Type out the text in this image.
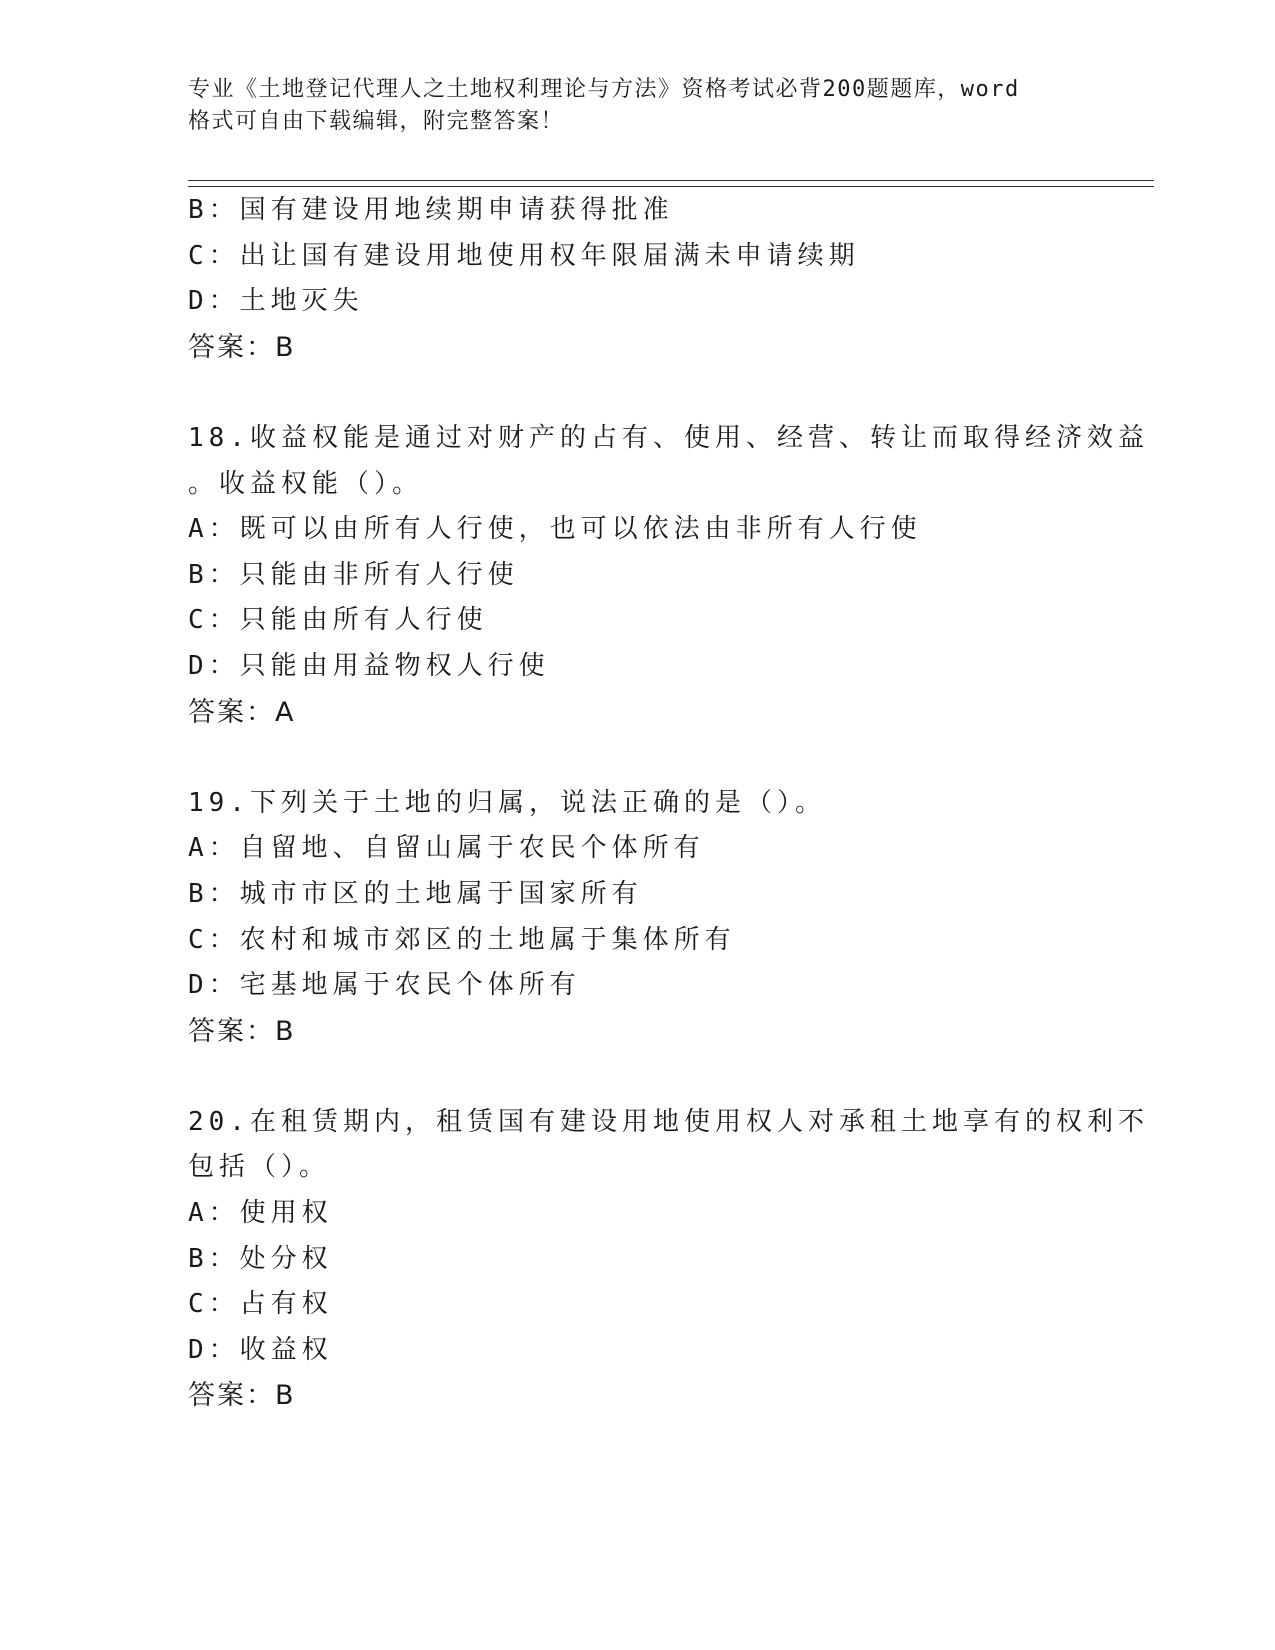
专业《土地登记代理人之土地权利理论与方法》资格考试必背200题题库，word
格式可自由下载编辑，附完整答案！
B：国有建设用地续期申请获得批准
C：出让国有建设用地使用权年限届满未申请续期
D：土地灭失
答案：B
18.收益权能是通过对财产的占有、使用、经营、转让而取得经济效益
。收益权能（）。
A：既可以由所有人行使，也可以依法由非所有人行使
B：只能由非所有人行使
C：只能由所有人行使
D：只能由用益物权人行使
答案：A
19.下列关于土地的归属，说法正确的是（）。
A：自留地、自留山属于农民个体所有
B：城市市区的土地属于国家所有
C：农村和城市郊区的土地属于集体所有
D：宅基地属于农民个体所有
答案：B
20.在租赁期内，租赁国有建设用地使用权人对承租土地享有的权利不
包括（）。
A：使用权
B：处分权
C：占有权
D：收益权
答案：B
